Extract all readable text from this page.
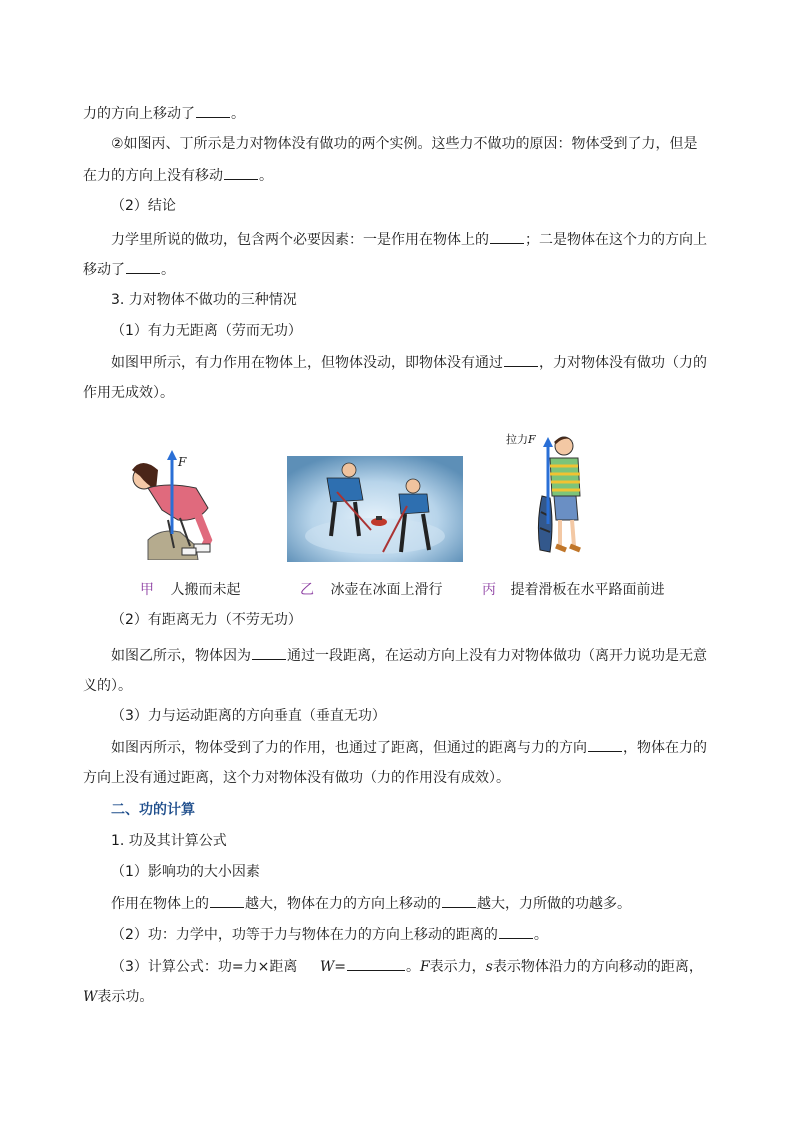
力的方向上移动了	。
②如图丙、丁所示是力对物体没有做功的两个实例。这些力不做功的原因：物体受到了力，但是
在力的方向上没有移动	。
（2）结论
力学里所说的做功，包含两个必要因素：一是作用在物体上的	；二是物体在这个力的方向上
移动了	。
3. 力对物体不做功的三种情况
（1）有力无距离（劳而无功）
如图甲所示，有力作用在物体上，但物体没动，即物体没有通过	，力对物体没有做功（力的
作用无成效）。
F
拉力F
甲 人搬而未起	乙 冰壶在冰面上滑行	丙 提着滑板在水平路面前进
（2）有距离无力（不劳无功）
如图乙所示，物体因为	通过一段距离，在运动方向上没有力对物体做功（离开力说功是无意
义的）。
（3）力与运动距离的方向垂直（垂直无功）
如图丙所示，物体受到了力的作用，也通过了距离，但通过的距离与力的方向	，物体在力的
方向上没有通过距离，这个力对物体没有做功（力的作用没有成效）。
二、功的计算
1. 功及其计算公式
（1）影响功的大小因素
作用在物体上的	越大，物体在力的方向上移动的	越大，力所做的功越多。
（2）功：力学中，功等于力与物体在力的方向上移动的距离的	。
（3）计算公式：功=力×距离 W=	。F表示力，s表示物体沿力的方向移动的距离，
W表示功。
